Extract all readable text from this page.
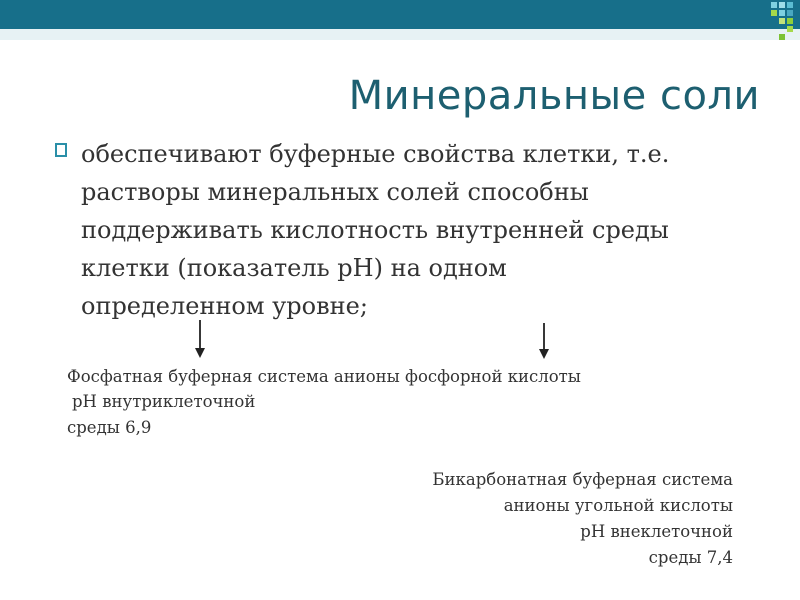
Минеральные соли
обеспечивают буферные свойства клетки, т.е.
растворы минеральных солей способны
поддерживать кислотность внутренней среды
клетки (показатель рН) на одном
определенном уровне;
Фосфатная буферная система анионы фосфорной кислоты
рН внутриклеточной
среды 6,9
Бикарбонатная буферная система
анионы угольной кислоты
рН внеклеточной
среды 7,4
